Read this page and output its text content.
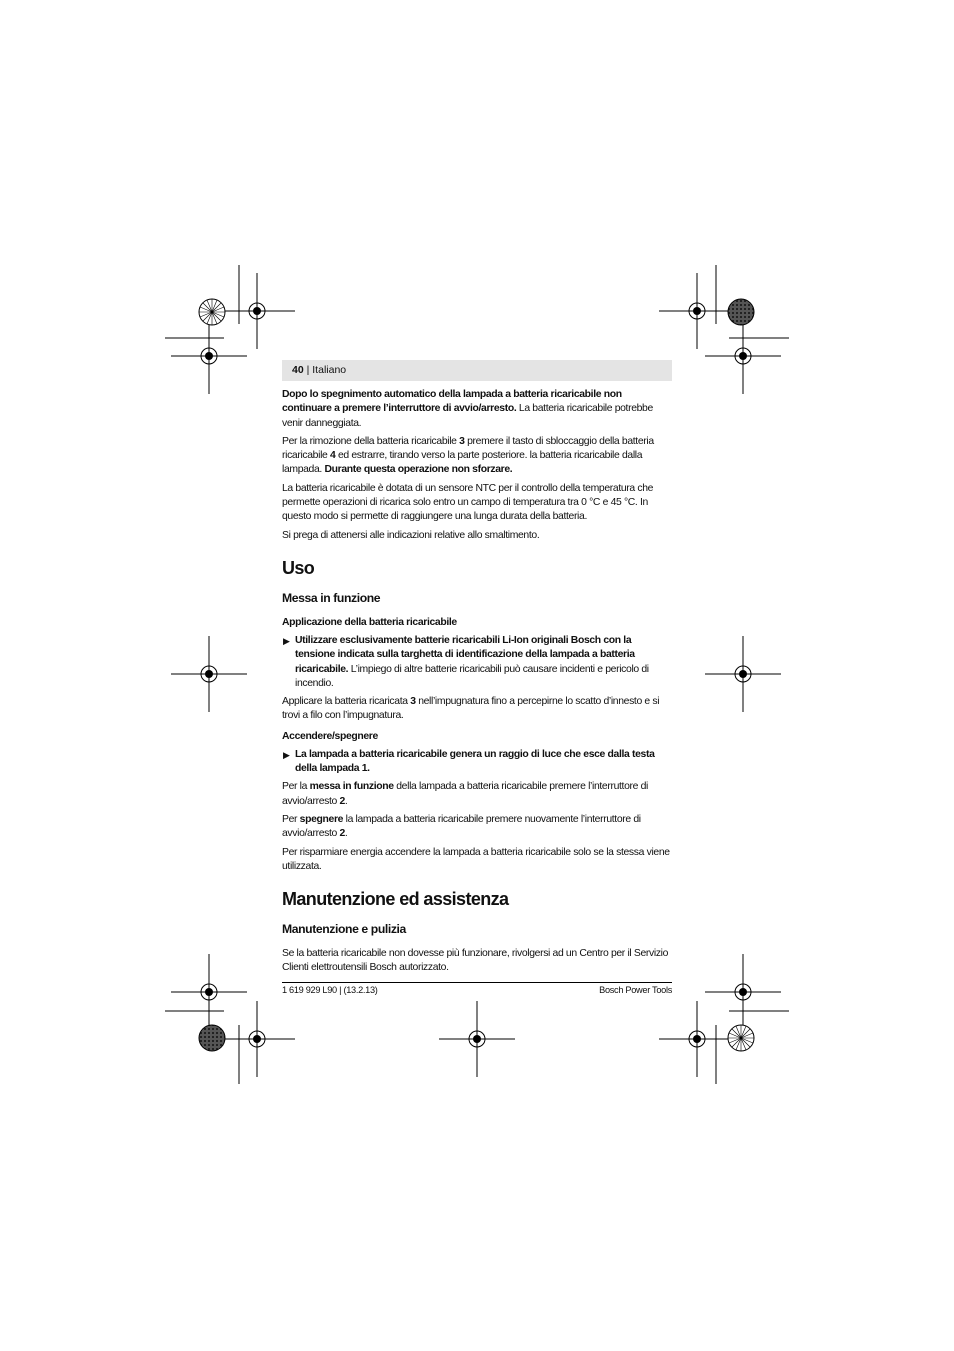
40 | Italiano

Dopo lo spegnimento automatico della lampada a batteria ricaricabile non continuare a premere l’interruttore di avvio/arresto. La batteria ricaricabile potrebbe venir danneggiata.

Per la rimozione della batteria ricaricabile 3 premere il tasto di sbloccaggio della batteria ricaricabile 4 ed estrarre, tirando verso la parte posteriore. la batteria ricaricabile dalla lampada. Durante questa operazione non sforzare.

La batteria ricaricabile è dotata di un sensore NTC per il controllo della temperatura che permette operazioni di ricarica solo entro un campo di temperatura tra 0 °C e 45 °C. In questo modo si permette di raggiungere una lunga durata della batteria.

Si prega di attenersi alle indicazioni relative allo smaltimento.

Uso
Messa in funzione
Applicazione della batteria ricaricabile
▶ Utilizzare esclusivamente batterie ricaricabili Li-Ion originali Bosch con la tensione indicata sulla targhetta di identificazione della lampada a batteria ricaricabile. L’impiego di altre batterie ricaricabili può causare incidenti e pericolo di incendio.

Applicare la batteria ricaricata 3 nell’impugnatura fino a percepirne lo scatto d’innesto e si trovi a filo con l’impugnatura.

Accendere/spegnere
▶ La lampada a batteria ricaricabile genera un raggio di luce che esce dalla testa della lampada 1.

Per la messa in funzione della lampada a batteria ricaricabile premere l’interruttore di avvio/arresto 2.

Per spegnere la lampada a batteria ricaricabile premere nuovamente l’interruttore di avvio/arresto 2.

Per risparmiare energia accendere la lampada a batteria ricaricabile solo se la stessa viene utilizzata.

Manutenzione ed assistenza
Manutenzione e pulizia

Se la batteria ricaricabile non dovesse più funzionare, rivolgersi ad un Centro per il Servizio Clienti elettroutensili Bosch autorizzato.

1 619 929 L90 | (13.2.13)	Bosch Power Tools
